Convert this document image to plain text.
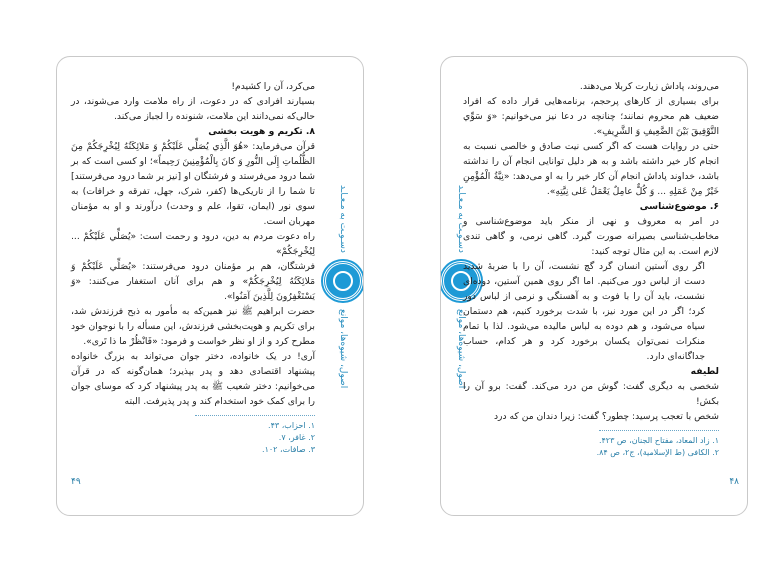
می‌کرد، آن را کشیدم!

بسیارند افرادی که در دعوت، از راه ملامت وارد می‌شوند، در حالی‌که نمی‌دانند این ملامت، شنونده را لجباز می‌کند.

۸. تکریم و هویت بخشی

قرآن می‌فرماید: «هُوَ الَّذِي يُصَلِّي عَلَيْكُمْ وَ مَلائِكَتُهُ لِيُخْرِجَكُمْ مِنَ الظُّلُماتِ إِلَى النُّورِ وَ كانَ بِالْمُؤْمِنِينَ رَحِيماً»؛ او کسی است که بر شما درود می‌فرستد و فرشتگان او [نیز بر شما درود می‌فرستند] تا شما را از تاریکی‌ها (کفر، شرک، جهل، تفرقه و خرافات) به سوی نور (ایمان، تقوا، علم و وحدت) درآورند و او به مؤمنان مهربان است.

راه دعوت مردم به دین، درود و رحمت است: «يُصَلِّي عَلَيْكُمْ ... لِيُخْرِجَكُمْ»

فرشتگان، هم بر مؤمنان درود می‌فرستند: «يُصَلِّي عَلَيْكُمْ وَ مَلائِكَتُهُ لِيُخْرِجَكُمْ» و هم برای آنان استغفار می‌کنند: «وَ يَسْتَغْفِرُونَ لِلَّذِينَ آمَنُوا».

حضرت ابراهیم ﷺ نیز همین‌که به مأمور به ذبح فرزندش شد، برای تکریم و هویت‌بخشی فرزندش، این مسأله را با نوجوان خود مطرح کرد و از او نظر خواست و فرمود: «فَانْظُرْ ما ذا تَرى».

آری! در یک خانواده، دختر جوان می‌تواند به بزرگ خانواده پیشنهاد اقتصادی دهد و پدر بپذیرد؛ همان‌گونه که در قرآن می‌خوانیم: دختر شعیب ﷺ به پدر پیشنهاد کرد که موسای جوان را برای کمک خود استخدام کند و پدر پذیرفت. البته

۱. احزاب، ۴۳.
۲. غافر، ۷.
۳. صافات، ۱۰۲.
دسـوـت به مـعـاـد
اصول، شیوه‌ها، موانع
۴۹
دسـوـت به مـعـاـد
اصول، شیوه‌ها، موانع

می‌روند، پاداش زیارت کربلا می‌دهند.

برای بسیاری از کارهای پرحجم، برنامه‌هایی قرار داده که افراد ضعیف هم محروم نمانند؛ چنانچه در دعا نیز می‌خوانیم: «وَ سَوِّي التَّوْفِيقَ بَيْنَ الضَّعِيفِ وَ الشَّرِيفِ».

حتی در روایات هست که اگر کسی نیت صادق و خالصی نسبت به انجام کار خیر داشته باشد و به هر دلیل توانایی انجام آن را نداشته باشد، خداوند پاداش انجام آن کار خیر را به او می‌دهد: «نِيَّةُ الْمُؤْمِنِ خَيْرٌ مِنْ عَمَلِهِ ... وَ كُلٌّ عامِلٌ يَعْمَلُ عَلى نِيَّتِهِ».

۶. موضوع‌شناسی

در امر به معروف و نهی از منکر باید موضوع‌شناسی و مخاطب‌شناسی بصیرانه صورت گیرد. گاهی نرمی، و گاهی تندی لازم است. به این مثال توجه کنید:

اگر روی آستین انسان گرد گچ نشست، آن را با ضربهٔ شدید دست از لباس دور می‌کنیم. اما اگر روی همین آستین، دوده‌ای نشست، باید آن را با فوت و به آهستگی و نرمی از لباس دور کرد؛ اگر در این مورد نیز، با شدت برخورد کنیم، هم دستمان سیاه می‌شود، و هم دوده به لباس مالیده می‌شود. لذا با تمام منکرات نمی‌توان یکسان برخورد کرد و هر کدام، حساب جداگانه‌ای دارد.

لطیفه

شخصی به دیگری گفت: گوش من درد می‌کند. گفت: برو آن را بکش!

شخص با تعجب پرسید: چطور؟ گفت: زیرا دندان من که درد

۱. زاد المعاد، مفتاح الجنان، ص ۴۲۳.
۲. الکافی (ط الإسلامیة)، ج۲، ص ۸۴.
۴۸
